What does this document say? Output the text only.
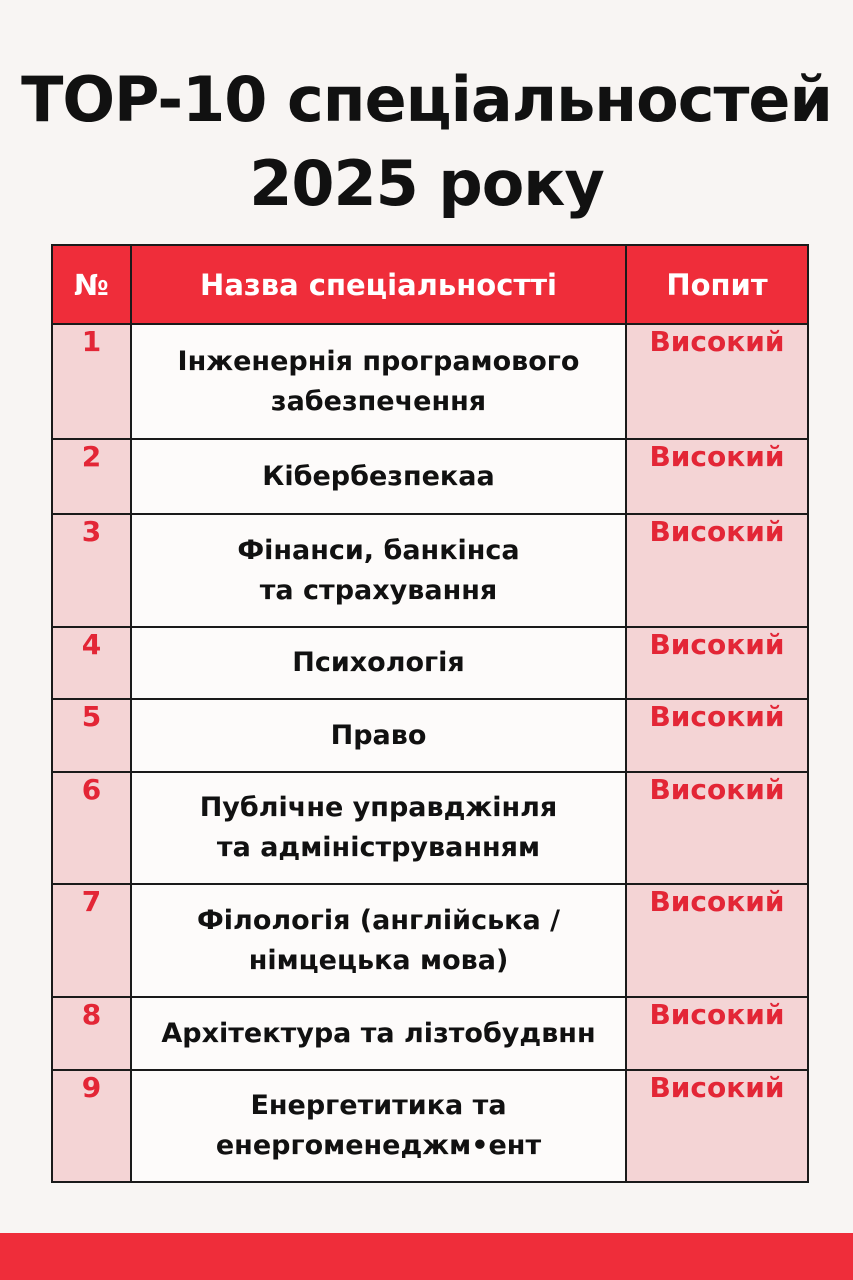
TOP-10 спеціальностей
2025 року
№	Назва спеціальностті	Попит
1	Інженернія програмового
забезпечення	Високий
2	Кібербезпекаа	Високий
3	Фінанси, банкінса
та страхування	Високий
4	Психологія	Високий
5	Право	Високий
6	Публічне управджінля
та адміністрyванням	Високий
7	Філологія (англійська /
німцецька мова)	Високий
8	Архітектура та лізтобудвнн	Високий
9	Енергетитика та
енергоменеджм•ент	Високий
